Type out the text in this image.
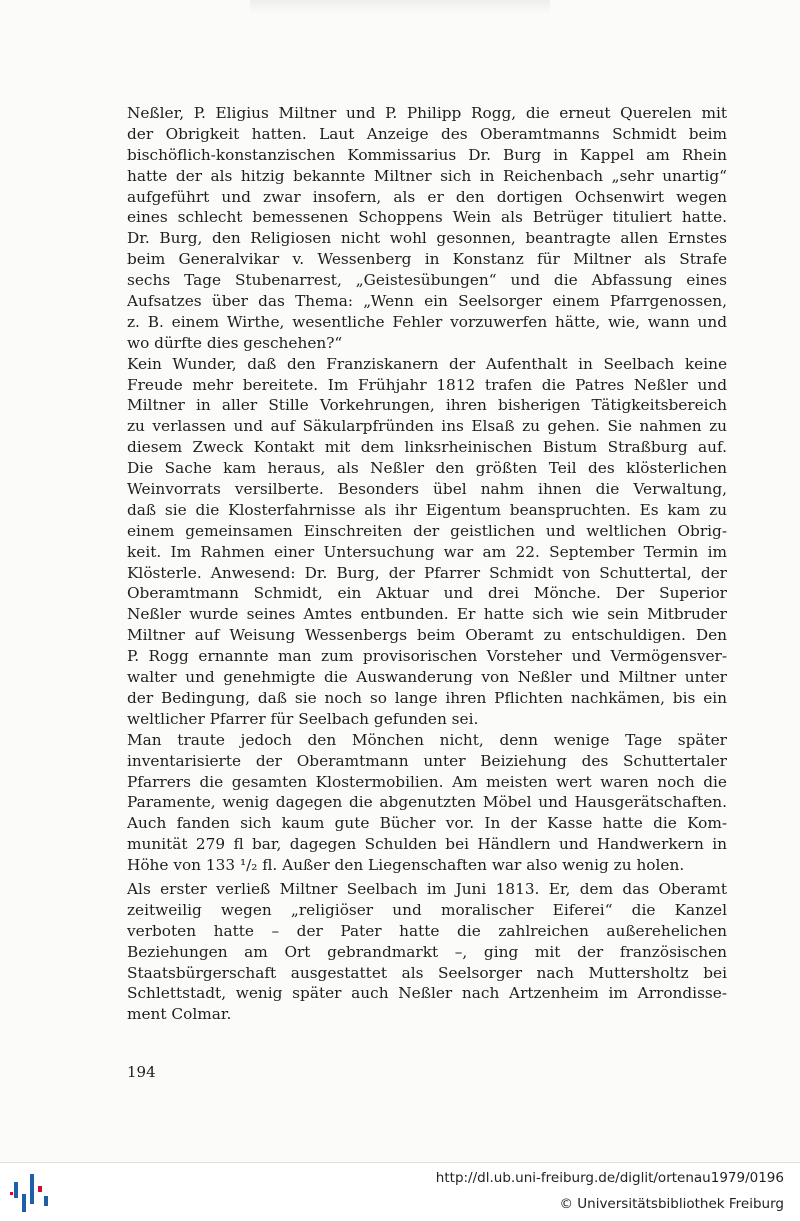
Neßler, P. Eligius Miltner und P. Philipp Rogg, die erneut Querelen mit
der Obrigkeit hatten. Laut Anzeige des Oberamtmanns Schmidt beim
bischöflich-konstanzischen Kommissarius Dr. Burg in Kappel am Rhein
hatte der als hitzig bekannte Miltner sich in Reichenbach „sehr unartig“
aufgeführt und zwar insofern, als er den dortigen Ochsenwirt wegen
eines schlecht bemessenen Schoppens Wein als Betrüger tituliert hatte.
Dr. Burg, den Religiosen nicht wohl gesonnen, beantragte allen Ernstes
beim Generalvikar v. Wessenberg in Konstanz für Miltner als Strafe
sechs Tage Stubenarrest, „Geistesübungen“ und die Abfassung eines
Aufsatzes über das Thema: „Wenn ein Seelsorger einem Pfarrgenossen,
z. B. einem Wirthe, wesentliche Fehler vorzuwerfen hätte, wie, wann und
wo dürfte dies geschehen?“
Kein Wunder, daß den Franziskanern der Aufenthalt in Seelbach keine
Freude mehr bereitete. Im Frühjahr 1812 trafen die Patres Neßler und
Miltner in aller Stille Vorkehrungen, ihren bisherigen Tätigkeitsbereich
zu verlassen und auf Säkularpfründen ins Elsaß zu gehen. Sie nahmen zu
diesem Zweck Kontakt mit dem linksrheinischen Bistum Straßburg auf.
Die Sache kam heraus, als Neßler den größten Teil des klösterlichen
Weinvorrats versilberte. Besonders übel nahm ihnen die Verwaltung,
daß sie die Klosterfahrnisse als ihr Eigentum beanspruchten. Es kam zu
einem gemeinsamen Einschreiten der geistlichen und weltlichen Obrig-
keit. Im Rahmen einer Untersuchung war am 22. September Termin im
Klösterle. Anwesend: Dr. Burg, der Pfarrer Schmidt von Schuttertal, der
Oberamtmann Schmidt, ein Aktuar und drei Mönche. Der Superior
Neßler wurde seines Amtes entbunden. Er hatte sich wie sein Mitbruder
Miltner auf Weisung Wessenbergs beim Oberamt zu entschuldigen. Den
P. Rogg ernannte man zum provisorischen Vorsteher und Vermögensver-
walter und genehmigte die Auswanderung von Neßler und Miltner unter
der Bedingung, daß sie noch so lange ihren Pflichten nachkämen, bis ein
weltlicher Pfarrer für Seelbach gefunden sei.
Man traute jedoch den Mönchen nicht, denn wenige Tage später
inventarisierte der Oberamtmann unter Beiziehung des Schuttertaler
Pfarrers die gesamten Klostermobilien. Am meisten wert waren noch die
Paramente, wenig dagegen die abgenutzten Möbel und Hausgerätschaften.
Auch fanden sich kaum gute Bücher vor. In der Kasse hatte die Kom-
munität 279 fl bar, dagegen Schulden bei Händlern und Handwerkern in
Höhe von 133 ¹/₂ fl. Außer den Liegenschaften war also wenig zu holen.
Als erster verließ Miltner Seelbach im Juni 1813. Er, dem das Oberamt
zeitweilig wegen „religiöser und moralischer Eiferei“ die Kanzel
verboten hatte – der Pater hatte die zahlreichen außerehelichen
Beziehungen am Ort gebrandmarkt –, ging mit der französischen
Staatsbürgerschaft ausgestattet als Seelsorger nach Muttersholtz bei
Schlettstadt, wenig später auch Neßler nach Artzenheim im Arrondisse-
ment Colmar.
194
http://dl.ub.uni-freiburg.de/diglit/ortenau1979/0196
© Universitätsbibliothek Freiburg
